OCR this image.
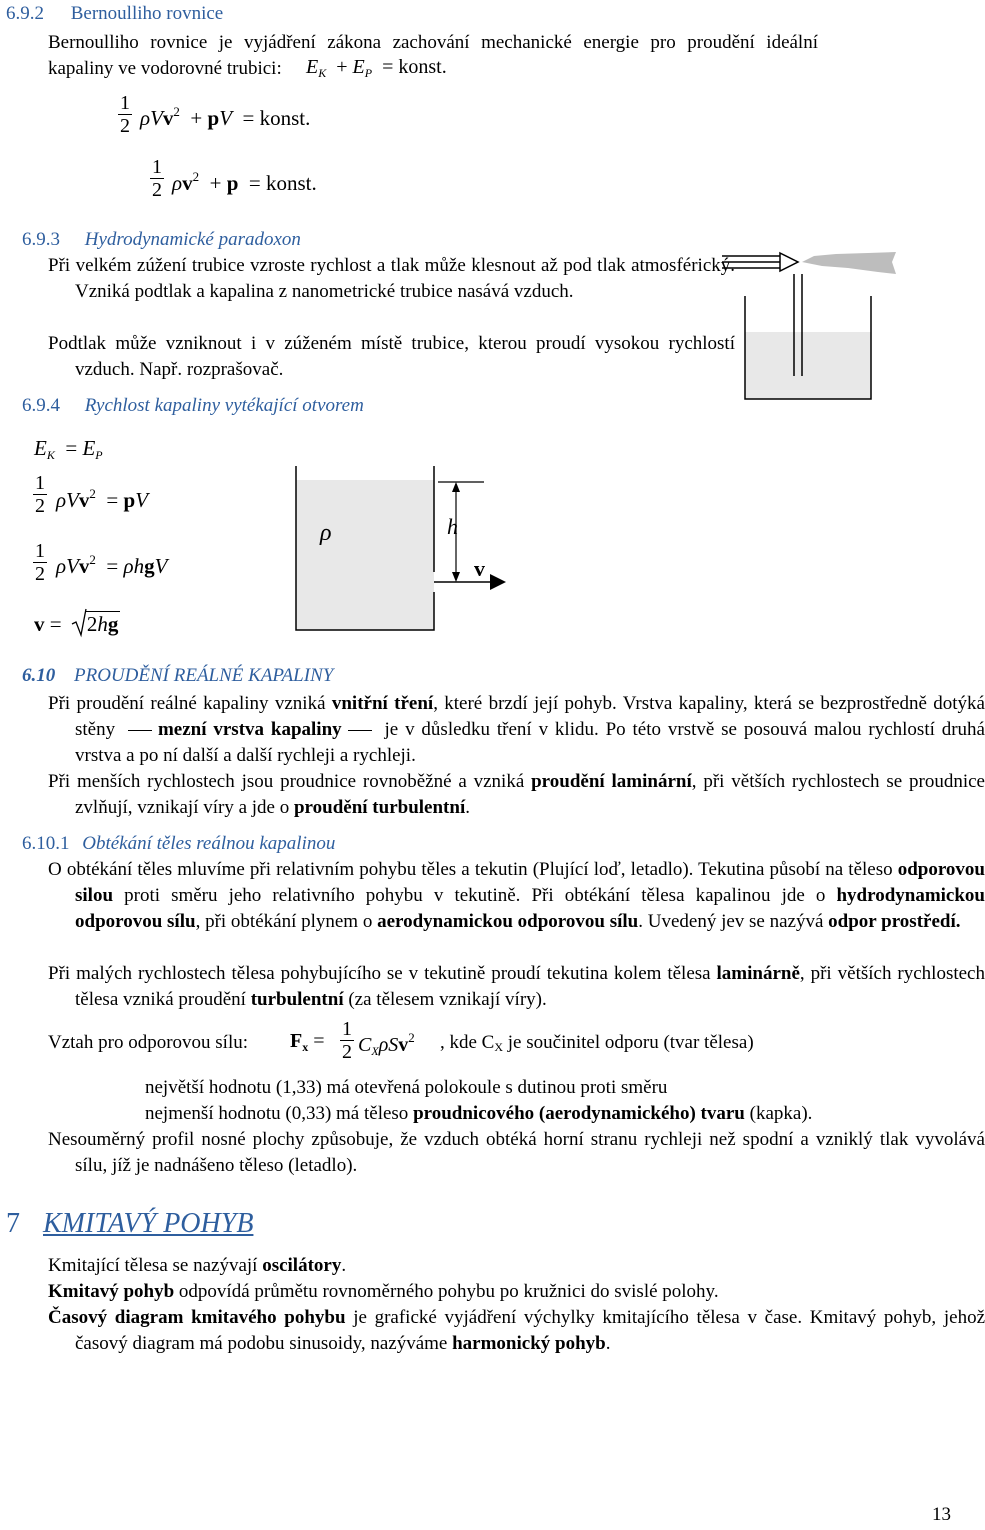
6.9.2 Bernoulliho rovnice
Bernoulliho rovnice je vyjádření zákona zachování mechanické energie pro proudění ideální kapaliny ve vodorovné trubici:	$E_K + E_P$  = konst.
$\frac{1}{2} \rho Vv^2$  + pV  = konst.
$\frac{1}{2} \rho v^2 + p$  = konst.
6.9.3 Hydrodynamické paradoxon
Při velkém zúžení trubice vzroste rychlost a tlak může klesnout až pod tlak atmosférický. Vzniká podtlak a kapalina z nanometrické trubice nasává vzduch.
Podtlak může vzniknout i v zúženém místě trubice, kterou proudí vysokou rychlostí vzduch. Např. rozprašovač.
6.9.4 Rychlost kapaliny vytékající otvorem
$E_K = E_P$
$\frac{1}{2} \rho Vv^2$  = pV
$\frac{1}{2} \rho Vv^2 = \rho hgV$
v =
2hg
ρ	h
v
6.10 PROUDĚNÍ REÁLNÉ KAPALINY
Při proudění reálné kapaliny vzniká vnitřní tření, které brzdí její pohyb. Vrstva kapaliny, která se bezprostředně dotýká stěny mezní vrstva kapaliny je v důsledku tření v klidu. Po této vrstvě se posouvá malou rychlostí druhá vrstva a po ní další a další rychleji a rychleji.
Při menších rychlostech jsou proudnice rovnoběžné a vzniká proudění laminární, při větších rychlostech se proudnice zvlňují, vznikají víry a jde o proudění turbulentní.
6.10.1 Obtékání těles reálnou kapalinou
O obtékání těles mluvíme při relativním pohybu těles a tekutin (Plující loď, letadlo). Tekutina působí na těleso odporovou silou proti směru jeho relativního pohybu v tekutině. Při obtékání tělesa kapalinou jde o hydrodynamickou odporovou sílu, při obtékání plynem o aerodynamickou odporovou sílu. Uvedený jev se nazývá odpor prostředí.
Při malých rychlostech tělesa pohybujícího se v tekutině proudí tekutina kolem tělesa laminárně, při větších rychlostech tělesa vzniká proudění turbulentní (za tělesem vznikají víry).
Vztah pro odporovou sílu: $F_x = \frac{1}{2} C_X\rho Sv^2$ , kde CX je součinitel odporu (tvar tělesa)
největší hodnotu (1,33) má otevřená polokoule s dutinou proti směru
nejmenší hodnotu (0,33) má těleso proudnicového (aerodynamického) tvaru (kapka).
Nesouměrný profil nosné plochy způsobuje, že vzduch obtéká horní stranu rychleji než spodní a vzniklý tlak vyvolává sílu, jíž je nadnášeno těleso (letadlo).
7 KMITAVÝ POHYB
Kmitající tělesa se nazývají oscilátory.
Kmitavý pohyb odpovídá průmětu rovnoměrného pohybu po kružnici do svislé polohy.
Časový diagram kmitavého pohybu je grafické vyjádření výchylky kmitajícího tělesa v čase. Kmitavý pohyb, jehož časový diagram má podobu sinusoidy, nazýváme harmonický pohyb.
13
